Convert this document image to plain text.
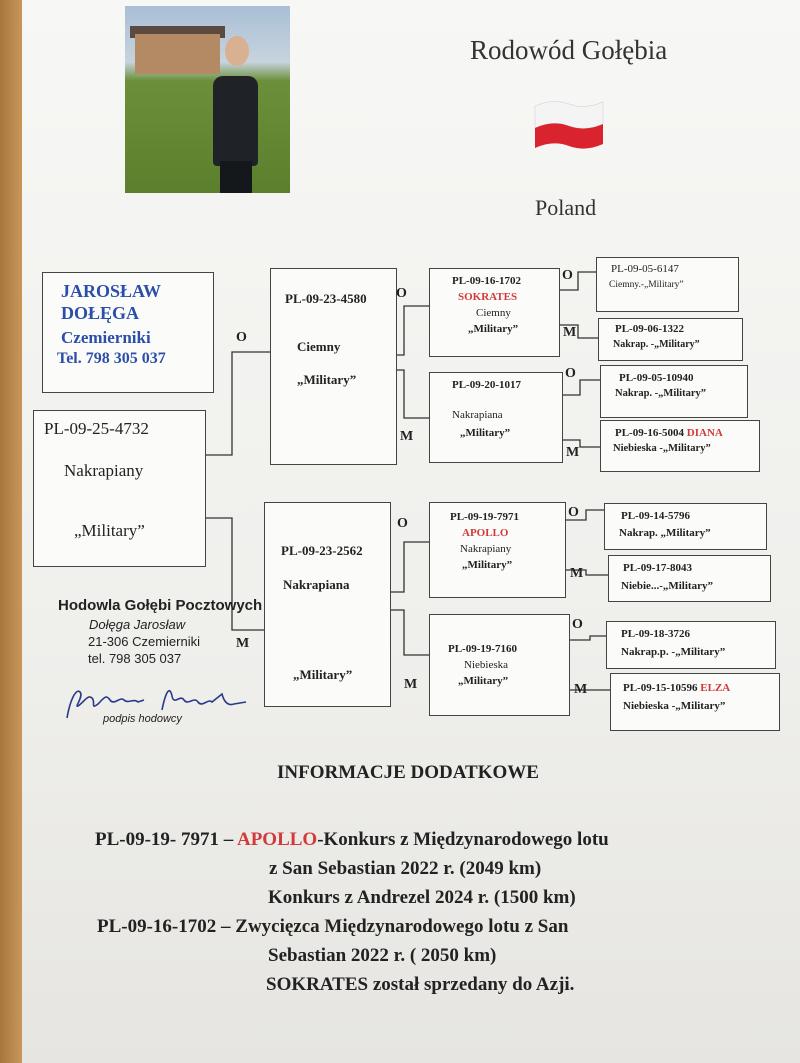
Rodowód Gołębia
Poland
JAROSŁAW
DOŁĘGA
Czemierniki
Tel. 798 305 037
PL-09-25-4732
Nakrapiany
„Military”
PL-09-23-4580
Ciemny
„Military”
O
PL-09-23-2562
Nakrapiana
„Military”
M
PL-09-16-1702
SOKRATES
Ciemny
„Military”
PL-09-20-1017
Nakrapiana
„Military”
PL-09-19-7971
APOLLO
Nakrapiany
„Military”
PL-09-19-7160
Niebieska
„Military”
O
M
O
M
O
M
O
M
O
M
O
M
PL-09-05-6147
Ciemny.-„Military”
PL-09-06-1322
Nakrap. -„Military”
PL-09-05-10940
Nakrap. -„Military”
PL-09-16-5004 DIANA
Niebieska -„Military”
PL-09-14-5796
Nakrap. „Military”
PL-09-17-8043
Niebie...-„Military”
PL-09-18-3726
Nakrap.p. -„Military”
PL-09-15-10596 ELZA
Niebieska -„Military”
Hodowla Gołębi Pocztowych
Dołęga Jarosław
21-306 Czemierniki
tel. 798 305 037
podpis hodowcy
INFORMACJE DODATKOWE
PL-09-19- 7971 – APOLLO-Konkurs z Międzynarodowego lotu
z San Sebastian 2022 r. (2049 km)
Konkurs z Andrezel 2024 r. (1500 km)
PL-09-16-1702 – Zwycięzca Międzynarodowego lotu z San
Sebastian 2022 r. ( 2050 km)
SOKRATES został sprzedany do Azji.
